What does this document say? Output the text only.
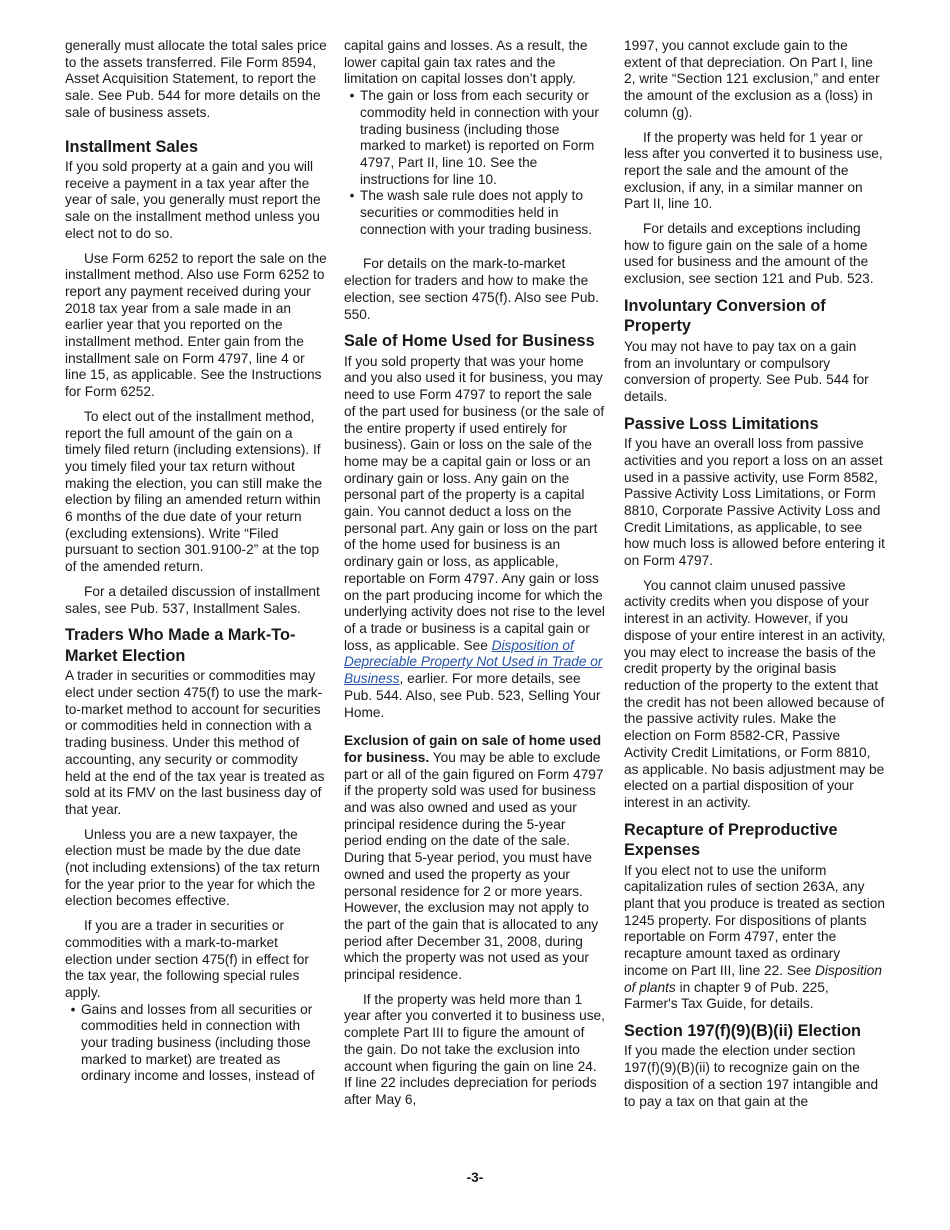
generally must allocate the total sales price to the assets transferred. File Form 8594, Asset Acquisition Statement, to report the sale. See Pub. 544 for more details on the sale of business assets.

Installment Sales

If you sold property at a gain and you will receive a payment in a tax year after the year of sale, you generally must report the sale on the installment method unless you elect not to do so.

Use Form 6252 to report the sale on the installment method. Also use Form 6252 to report any payment received during your 2018 tax year from a sale made in an earlier year that you reported on the installment method. Enter gain from the installment sale on Form 4797, line 4 or line 15, as applicable. See the Instructions for Form 6252.

To elect out of the installment method, report the full amount of the gain on a timely filed return (including extensions). If you timely filed your tax return without making the election, you can still make the election by filing an amended return within 6 months of the due date of your return (excluding extensions). Write “Filed pursuant to section 301.9100-2” at the top of the amended return.

For a detailed discussion of installment sales, see Pub. 537, Installment Sales.

Traders Who Made a Mark-To-Market Election

A trader in securities or commodities may elect under section 475(f) to use the mark-to-market method to account for securities or commodities held in connection with a trading business. Under this method of accounting, any security or commodity held at the end of the tax year is treated as sold at its FMV on the last business day of that year.

Unless you are a new taxpayer, the election must be made by the due date (not including extensions) of the tax return for the year prior to the year for which the election becomes effective.

If you are a trader in securities or commodities with a mark-to-market election under section 475(f) in effect for the tax year, the following special rules apply.

• Gains and losses from all securities or commodities held in connection with your trading business (including those marked to market) are treated as ordinary income and losses, instead of

capital gains and losses. As a result, the lower capital gain tax rates and the limitation on capital losses don’t apply.

• The gain or loss from each security or commodity held in connection with your trading business (including those marked to market) is reported on Form 4797, Part II, line 10. See the instructions for line 10.

• The wash sale rule does not apply to securities or commodities held in connection with your trading business.

For details on the mark-to-market election for traders and how to make the election, see section 475(f). Also see Pub. 550.

Sale of Home Used for Business

If you sold property that was your home and you also used it for business, you may need to use Form 4797 to report the sale of the part used for business (or the sale of the entire property if used entirely for business). Gain or loss on the sale of the home may be a capital gain or loss or an ordinary gain or loss. Any gain on the personal part of the property is a capital gain. You cannot deduct a loss on the personal part. Any gain or loss on the part of the home used for business is an ordinary gain or loss, as applicable, reportable on Form 4797. Any gain or loss on the part producing income for which the underlying activity does not rise to the level of a trade or business is a capital gain or loss, as applicable. See Disposition of Depreciable Property Not Used in Trade or Business, earlier. For more details, see Pub. 544. Also, see Pub. 523, Selling Your Home.

Exclusion of gain on sale of home used for business. You may be able to exclude part or all of the gain figured on Form 4797 if the property sold was used for business and was also owned and used as your principal residence during the 5-year period ending on the date of the sale. During that 5-year period, you must have owned and used the property as your personal residence for 2 or more years. However, the exclusion may not apply to the part of the gain that is allocated to any period after December 31, 2008, during which the property was not used as your principal residence.

If the property was held more than 1 year after you converted it to business use, complete Part III to figure the amount of the gain. Do not take the exclusion into account when figuring the gain on line 24. If line 22 includes depreciation for periods after May 6,

1997, you cannot exclude gain to the extent of that depreciation. On Part I, line 2, write “Section 121 exclusion,” and enter the amount of the exclusion as a (loss) in column (g).

If the property was held for 1 year or less after you converted it to business use, report the sale and the amount of the exclusion, if any, in a similar manner on Part II, line 10.

For details and exceptions including how to figure gain on the sale of a home used for business and the amount of the exclusion, see section 121 and Pub. 523.

Involuntary Conversion of Property

You may not have to pay tax on a gain from an involuntary or compulsory conversion of property. See Pub. 544 for details.

Passive Loss Limitations

If you have an overall loss from passive activities and you report a loss on an asset used in a passive activity, use Form 8582, Passive Activity Loss Limitations, or Form 8810, Corporate Passive Activity Loss and Credit Limitations, as applicable, to see how much loss is allowed before entering it on Form 4797.

You cannot claim unused passive activity credits when you dispose of your interest in an activity. However, if you dispose of your entire interest in an activity, you may elect to increase the basis of the credit property by the original basis reduction of the property to the extent that the credit has not been allowed because of the passive activity rules. Make the election on Form 8582-CR, Passive Activity Credit Limitations, or Form 8810, as applicable. No basis adjustment may be elected on a partial disposition of your interest in an activity.

Recapture of Preproductive Expenses

If you elect not to use the uniform capitalization rules of section 263A, any plant that you produce is treated as section 1245 property. For dispositions of plants reportable on Form 4797, enter the recapture amount taxed as ordinary income on Part III, line 22. See Disposition of plants in chapter 9 of Pub. 225, Farmer's Tax Guide, for details.

Section 197(f)(9)(B)(ii) Election

If you made the election under section 197(f)(9)(B)(ii) to recognize gain on the disposition of a section 197 intangible and to pay a tax on that gain at the

-3-
